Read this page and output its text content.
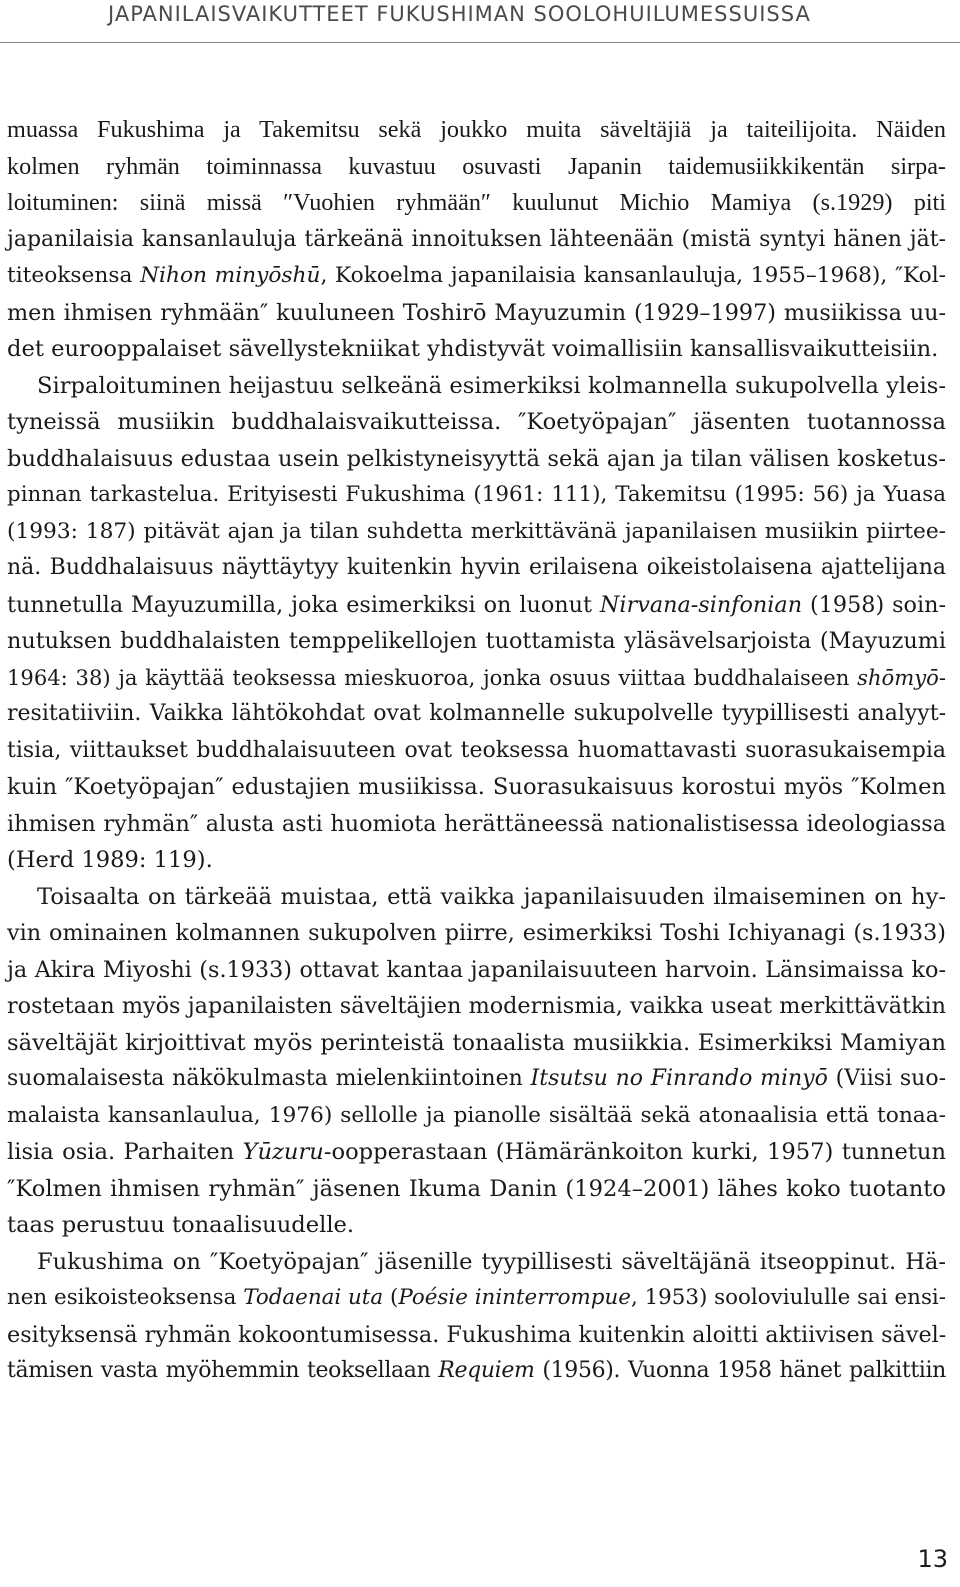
JAPANILAISVAIKUTTEET FUKUSHIMAN SOOLOHUILUMESSUISSA
muassa Fukushima ja Takemitsu sekä joukko muita säveltäjiä ja taiteilijoita. Näiden
kolmen ryhmän toiminnassa kuvastuu osuvasti Japanin taidemusiikkikentän sirpa-
loituminen: siinä missä ″Vuohien ryhmään″ kuulunut Michio Mamiya (s.1929) piti
japanilaisia kansanlauluja tärkeänä innoituksen lähteenään (mistä syntyi hänen jät-
titeoksensa Nihon minyōshū, Kokoelma japanilaisia kansanlauluja, 1955–1968), ″Kol-
men ihmisen ryhmään″ kuuluneen Toshirō Mayuzumin (1929–1997) musiikissa uu-
det eurooppalaiset sävellystekniikat yhdistyvät voimallisiin kansallisvaikutteisiin.
Sirpaloituminen heijastuu selkeänä esimerkiksi kolmannella sukupolvella yleis-
tyneissä musiikin buddhalaisvaikutteissa. ″Koetyöpajan″ jäsenten tuotannossa
buddhalaisuus edustaa usein pelkistyneisyyttä sekä ajan ja tilan välisen kosketus-
pinnan tarkastelua. Erityisesti Fukushima (1961: 111), Takemitsu (1995: 56) ja Yuasa
(1993: 187) pitävät ajan ja tilan suhdetta merkittävänä japanilaisen musiikin piirtee-
nä. Buddhalaisuus näyttäytyy kuitenkin hyvin erilaisena oikeistolaisena ajattelijana
tunnetulla Mayuzumilla, joka esimerkiksi on luonut Nirvana-sinfonian (1958) soin-
nutuksen buddhalaisten temppelikellojen tuottamista yläsävelsarjoista (Mayuzumi
1964: 38) ja käyttää teoksessa mieskuoroa, jonka osuus viittaa buddhalaiseen shōmyō-
resitatiiviin. Vaikka lähtökohdat ovat kolmannelle sukupolvelle tyypillisesti analyyt-
tisia, viittaukset buddhalaisuuteen ovat teoksessa huomattavasti suorasukaisempia
kuin ″Koetyöpajan″ edustajien musiikissa. Suorasukaisuus korostui myös ″Kolmen
ihmisen ryhmän″ alusta asti huomiota herättäneessä nationalistisessa ideologiassa
(Herd 1989: 119).
Toisaalta on tärkeää muistaa, että vaikka japanilaisuuden ilmaiseminen on hy-
vin ominainen kolmannen sukupolven piirre, esimerkiksi Toshi Ichiyanagi (s.1933)
ja Akira Miyoshi (s.1933) ottavat kantaa japanilaisuuteen harvoin. Länsimaissa ko-
rostetaan myös japanilaisten säveltäjien modernismia, vaikka useat merkittävätkin
säveltäjät kirjoittivat myös perinteistä tonaalista musiikkia. Esimerkiksi Mamiyan
suomalaisesta näkökulmasta mielenkiintoinen Itsutsu no Finrando minyō (Viisi suo-
malaista kansanlaulua, 1976) sellolle ja pianolle sisältää sekä atonaalisia että tonaa-
lisia osia. Parhaiten Yūzuru-oopperastaan (Hämäränkoiton kurki, 1957) tunnetun
″Kolmen ihmisen ryhmän″ jäsenen Ikuma Danin (1924–2001) lähes koko tuotanto
taas perustuu tonaalisuudelle.
Fukushima on ″Koetyöpajan″ jäsenille tyypillisesti säveltäjänä itseoppinut. Hä-
nen esikoisteoksensa Todaenai uta (Poésie ininterrompue, 1953) sooloviululle sai ensi-
esityksensä ryhmän kokoontumisessa. Fukushima kuitenkin aloitti aktiivisen sävel-
tämisen vasta myöhemmin teoksellaan Requiem (1956). Vuonna 1958 hänet palkittiin
13
